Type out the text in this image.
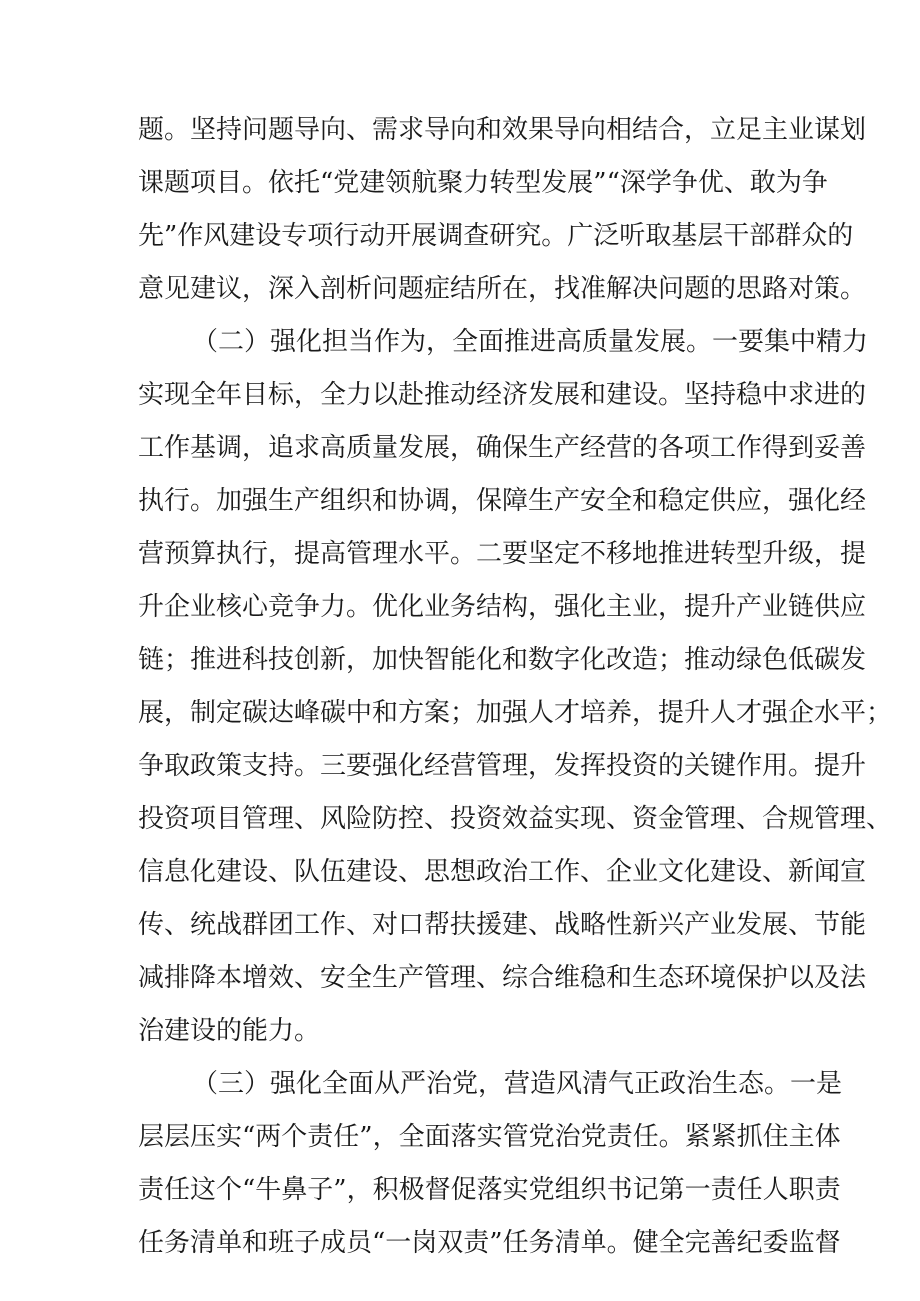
题。坚持问题导向、需求导向和效果导向相结合，立足主业谋划
课题项目。依托“党建领航聚力转型发展”“深学争优、敢为争
先”作风建设专项行动开展调查研究。广泛听取基层干部群众的
意见建议，深入剖析问题症结所在，找准解决问题的思路对策。
（二）强化担当作为，全面推进高质量发展。一要集中精力
实现全年目标，全力以赴推动经济发展和建设。坚持稳中求进的
工作基调，追求高质量发展，确保生产经营的各项工作得到妥善
执行。加强生产组织和协调，保障生产安全和稳定供应，强化经
营预算执行，提高管理水平。二要坚定不移地推进转型升级，提
升企业核心竞争力。优化业务结构，强化主业，提升产业链供应
链；推进科技创新，加快智能化和数字化改造；推动绿色低碳发
展，制定碳达峰碳中和方案；加强人才培养，提升人才强企水平；
争取政策支持。三要强化经营管理，发挥投资的关键作用。提升
投资项目管理、风险防控、投资效益实现、资金管理、合规管理、
信息化建设、队伍建设、思想政治工作、企业文化建设、新闻宣
传、统战群团工作、对口帮扶援建、战略性新兴产业发展、节能
减排降本增效、安全生产管理、综合维稳和生态环境保护以及法
治建设的能力。
（三）强化全面从严治党，营造风清气正政治生态。一是
层层压实“两个责任”，全面落实管党治党责任。紧紧抓住主体
责任这个“牛鼻子”，积极督促落实党组织书记第一责任人职责
任务清单和班子成员“一岗双责”任务清单。健全完善纪委监督
